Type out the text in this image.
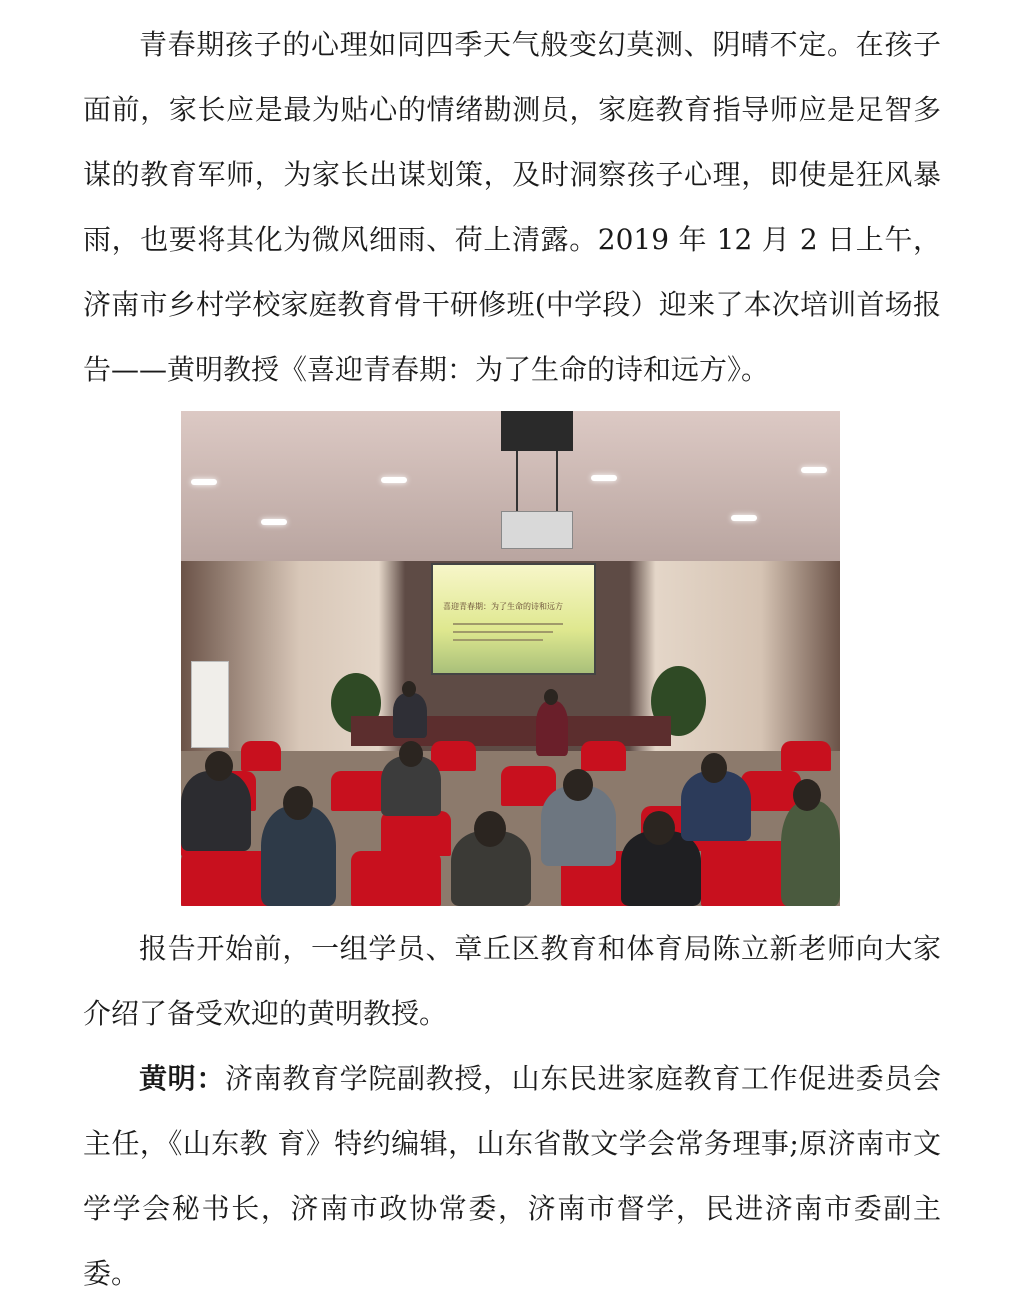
青春期孩子的心理如同四季天气般变幻莫测、阴晴不定。在孩子面前，家长应是最为贴心的情绪勘测员，家庭教育指导师应是足智多谋的教育军师，为家长出谋划策，及时洞察孩子心理，即使是狂风暴雨，也要将其化为微风细雨、荷上清露。2019 年 12 月 2 日上午，济南市乡村学校家庭教育骨干研修班(中学段）迎来了本次培训首场报告——黄明教授《喜迎青春期：为了生命的诗和远方》。

喜迎青春期：为了生命的诗和远方

报告开始前，一组学员、章丘区教育和体育局陈立新老师向大家介绍了备受欢迎的黄明教授。

黄明：济南教育学院副教授，山东民进家庭教育工作促进委员会主任，《山东教 育》特约编辑，山东省散文学会常务理事;原济南市文学学会秘书长，济南市政协常委，济南市督学，民进济南市委副主委。
